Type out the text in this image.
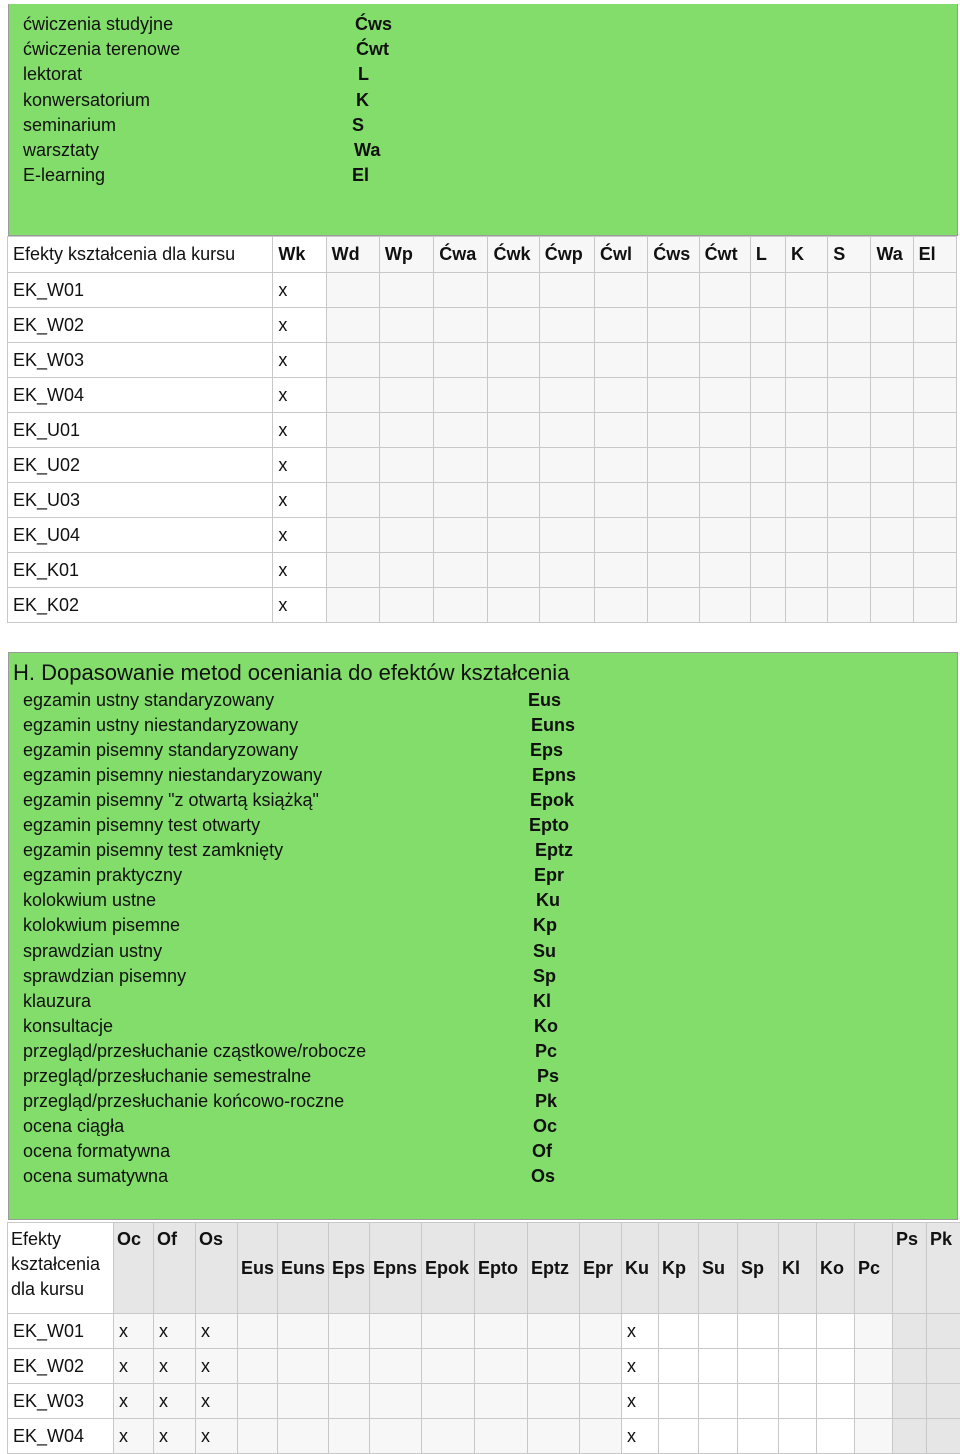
ćwiczenia studyjne	Ćws
ćwiczenia terenowe	Ćwt
lektorat	L
konwersatorium	K
seminarium	S
warsztaty	Wa
E-learning	El
Efekty kształcenia dla kursu	Wk	Wd	Wp	Ćwa	Ćwk	Ćwp	Ćwl	Ćws	Ćwt	L	K	S	Wa	El
EK_W01	x													
EK_W02	x													
EK_W03	x													
EK_W04	x													
EK_U01	x													
EK_U02	x													
EK_U03	x													
EK_U04	x													
EK_K01	x													
EK_K02	x													
H. Dopasowanie metod oceniania do efektów kształcenia
egzamin ustny standaryzowany	Eus
egzamin ustny niestandaryzowany	Euns
egzamin pisemny standaryzowany	Eps
egzamin pisemny niestandaryzowany	Epns
egzamin pisemny "z otwartą książką"	Epok
egzamin pisemny test otwarty	Epto
egzamin pisemny test zamknięty	Eptz
egzamin praktyczny	Epr
kolokwium ustne	Ku
kolokwium pisemne	Kp
sprawdzian ustny	Su
sprawdzian pisemny	Sp
klauzura	Kl
konsultacje	Ko
przegląd/przesłuchanie cząstkowe/robocze	Pc
przegląd/przesłuchanie semestralne	Ps
przegląd/przesłuchanie końcowo-roczne	Pk
ocena ciągła	Oc
ocena formatywna	Of
ocena sumatywna	Os
Efekty kształcenia dla kursu	Oc	Of	Os	Eus	Euns	Eps	Epns	Epok	Epto	Eptz	Epr	Ku	Kp	Su	Sp	Kl	Ko	Pc	Ps	Pk
EK_W01	x	x	x									x								
EK_W02	x	x	x									x								
EK_W03	x	x	x									x								
EK_W04	x	x	x									x								
